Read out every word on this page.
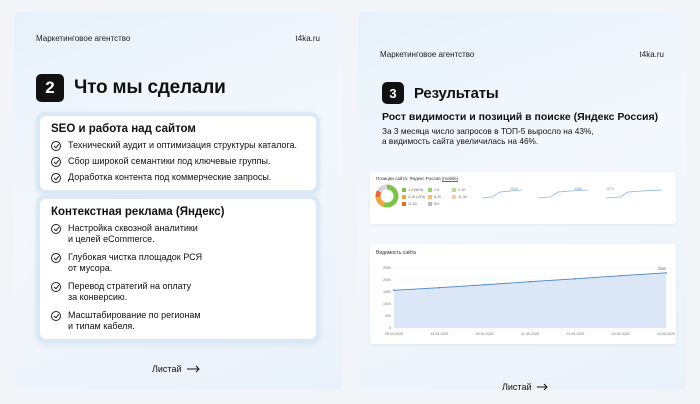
Маркетинговое агентство	t4ka.ru
2	Что мы сделали
SEO и работа над сайтом
Технический аудит и оптимизация структуры каталога.
Сбор широкой семантики под ключевые группы.
Доработка контента под коммерческие запросы.
Контекстная реклама (Яндекс)
Настройка сквозной аналитики
и целей eCommerce.
Глубокая чистка площадок РСЯ
от мусора.
Перевод стратегий на оплату
за конверсию.
Масштабирование по регионам
и типам кабеля.
Листай
Маркетинговое агентство	t4ka.ru
3	Результаты
Рост видимости и позиций в поиске (Яндекс Россия)
За 3 месяца число запросов в ТОП-5 выросло на 43%,
а видимость сайта увеличилась на 46%.
Позиции сайта: Яндекс Россия (mobile)
1-3 (55%)
4-10 (14%)
11-50
1-5
6-20
51+
1-10
11-30
1920	2180	1974
Видимость сайта
2500
2000
1500
1000
500
0
08.04.2025	19.04.2025	30.04.2025	11.05.2025	22.05.2025	02.06.2025	14.06.2025
2300
Листай
